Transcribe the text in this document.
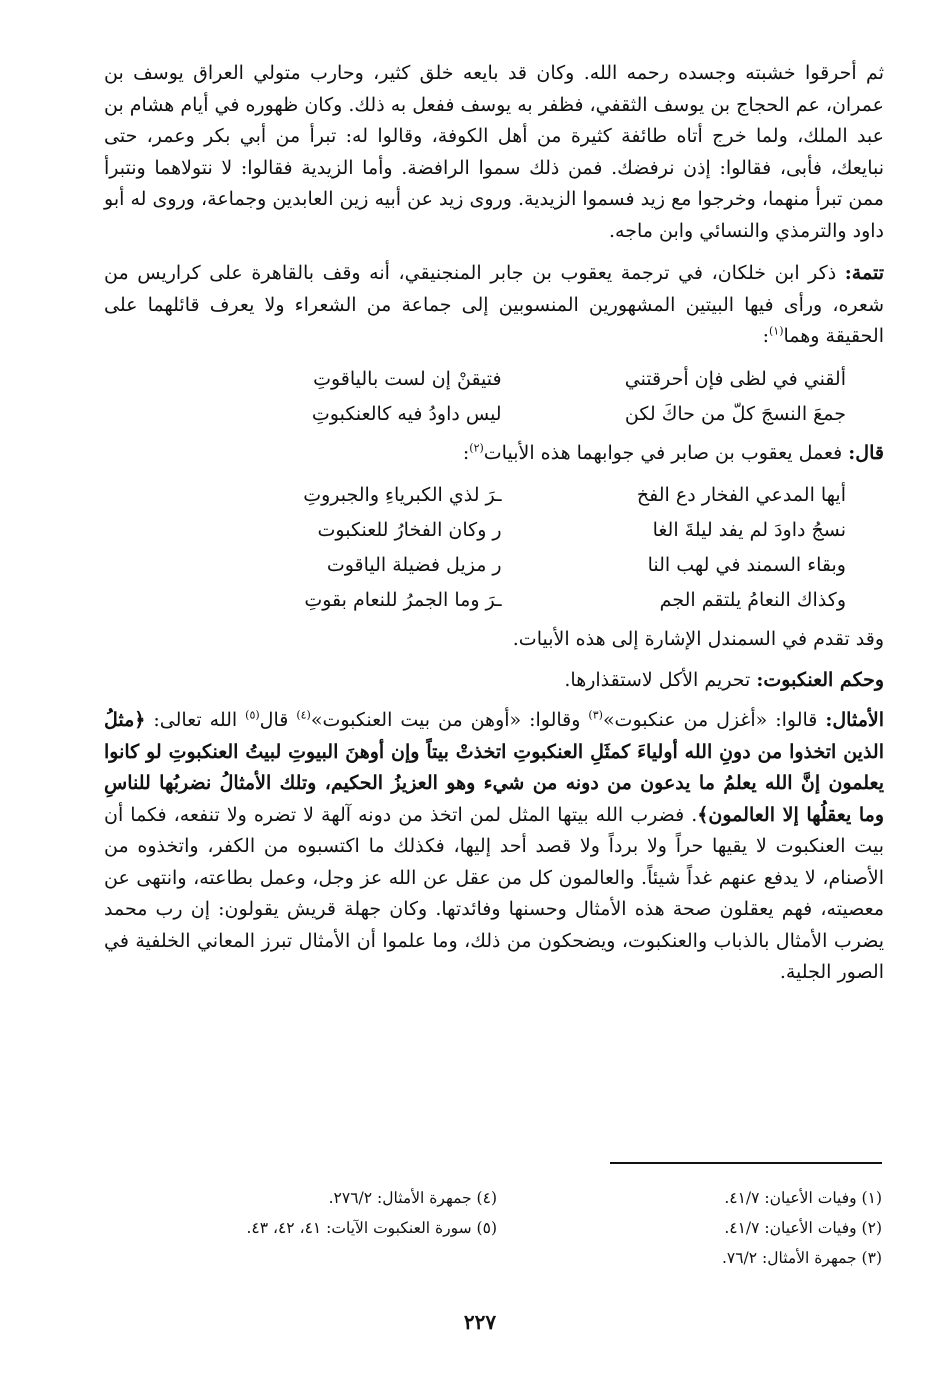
ثم أحرقوا خشبته وجسده رحمه الله. وكان قد بايعه خلق كثير، وحارب متولي العراق يوسف بن عمران، عم الحجاج بن يوسف الثقفي، فظفر به يوسف ففعل به ذلك. وكان ظهوره في أيام هشام بن عبد الملك، ولما خرج أتاه طائفة كثيرة من أهل الكوفة، وقالوا له: تبرأ من أبي بكر وعمر، حتى نبايعك، فأبى، فقالوا: إذن نرفضك. فمن ذلك سموا الرافضة. وأما الزيدية فقالوا: لا نتولاهما ونتبرأ ممن تبرأ منهما، وخرجوا مع زيد فسموا الزيدية. وروى زيد عن أبيه زين العابدين وجماعة، وروى له أبو داود والترمذي والنسائي وابن ماجه.

تتمة: ذكر ابن خلكان، في ترجمة يعقوب بن جابر المنجنيقي، أنه وقف بالقاهرة على كراريس من شعره، ورأى فيها البيتين المشهورين المنسوبين إلى جماعة من الشعراء ولا يعرف قائلهما على الحقيقة وهما$^{(١)}$:

ألقني في لظى فإن أحرقتني	فتيقنْ إن لست بالياقوتِ
جمعَ النسجَ كلّ من حاكَ لكن	ليس داودُ فيه كالعنكبوتِ

قال: فعمل يعقوب بن صابر في جوابهما هذه الأبيات$^{(٢)}$:

أيها المدعي الفخار دع الفخ	ـرَ لذي الكبرياءِ والجبروتِ
نسجُ داودَ لم يفد ليلةَ الغا	ر وكان الفخارُ للعنكبوت
وبقاء السمند في لهب النا	ر مزيل فضيلة الياقوت
وكذاك النعامُ يلتقم الجم	ـرَ وما الجمرُ للنعام بقوتِ

وقد تقدم في السمندل الإشارة إلى هذه الأبيات.

وحكم العنكبوت: تحريم الأكل لاستقذارها.

الأمثال: قالوا: «أغزل من عنكبوت»$^{(٣)}$ وقالوا: «أوهن من بيت العنكبوت»$^{(٤)}$ قال$^{(٥)}$ الله تعالى: ﴿مثلُ الذين اتخذوا من دونِ الله أولياءَ كمثَلِ العنكبوتِ اتخذتْ بيتاً وإن أوهنَ البيوتِ لبيتُ العنكبوتِ لو كانوا يعلمون إنَّ الله يعلمُ ما يدعون من دونه من شيء وهو العزيزُ الحكيم، وتلك الأمثالُ نضربُها للناسِ وما يعقلُها إلا العالمون﴾. فضرب الله بيتها المثل لمن اتخذ من دونه آلهة لا تضره ولا تنفعه، فكما أن بيت العنكبوت لا يقيها حراً ولا برداً ولا قصد أحد إليها، فكذلك ما اكتسبوه من الكفر، واتخذوه من الأصنام، لا يدفع عنهم غداً شيئاً. والعالمون كل من عقل عن الله عز وجل، وعمل بطاعته، وانتهى عن معصيته، فهم يعقلون صحة هذه الأمثال وحسنها وفائدتها. وكان جهلة قريش يقولون: إن رب محمد يضرب الأمثال بالذباب والعنكبوت، ويضحكون من ذلك، وما علموا أن الأمثال تبرز المعاني الخلفية في الصور الجلية.

(١) وفيات الأعيان: ٤١/٧.
(٢) وفيات الأعيان: ٤١/٧.
(٣) جمهرة الأمثال: ٧٦/٢.
(٤) جمهرة الأمثال: ٢٧٦/٢.
(٥) سورة العنكبوت الآيات: ٤١، ٤٢، ٤٣.
٢٢٧
